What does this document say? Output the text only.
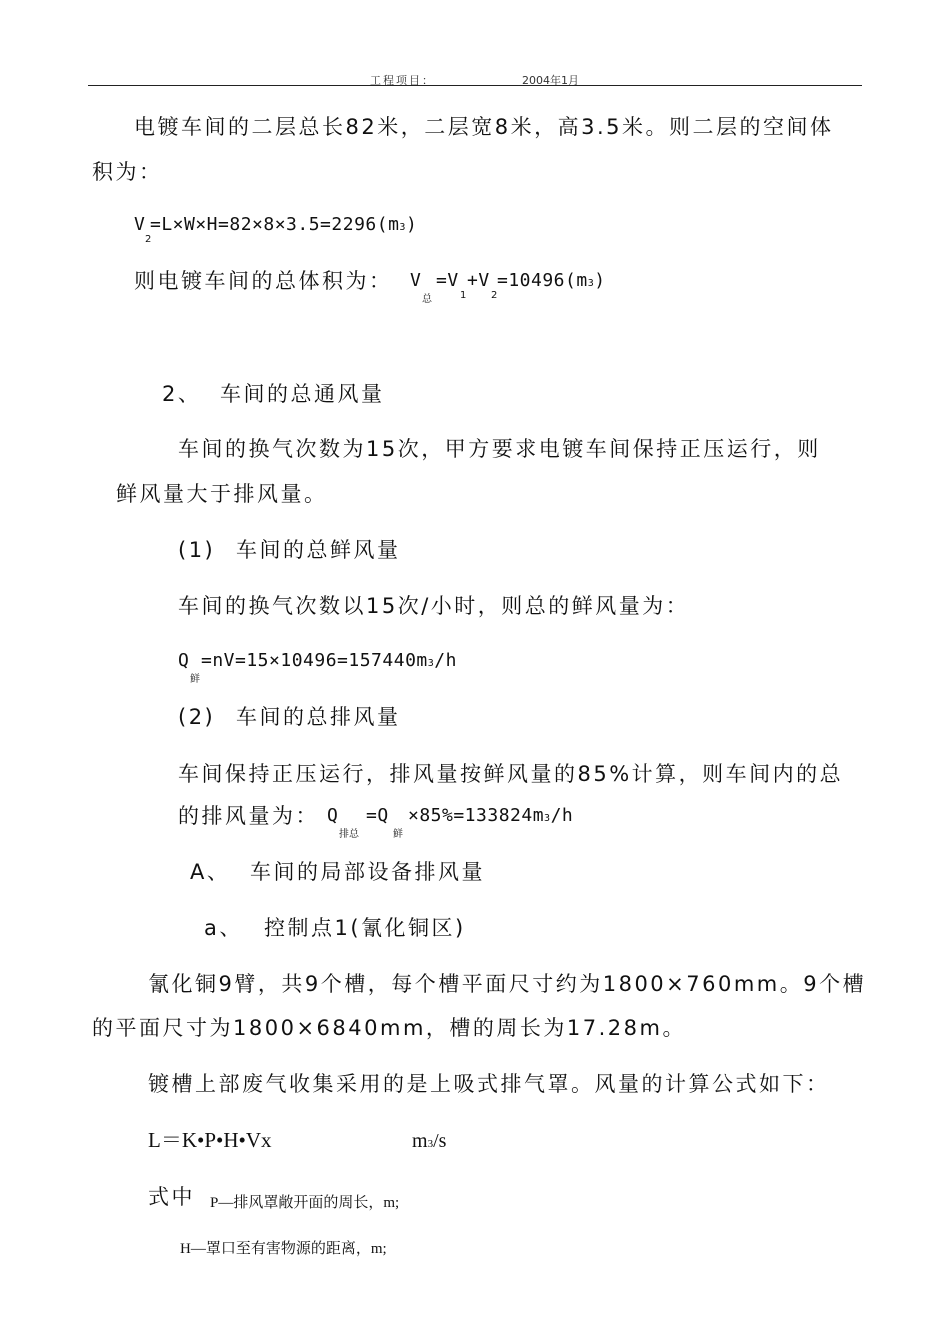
工程项目：	2004年1月
电镀车间的二层总长82米，二层宽8米，高3.5米。则二层的空间体
积为：
V
2
=L×W×H=82×8×3.5=2296(m3)
则电镀车间的总体积为： V
总
=V
1
+V
2
=10496(m3)
2、 车间的总通风量
车间的换气次数为15次，甲方要求电镀车间保持正压运行，则
鲜风量大于排风量。
(1) 车间的总鲜风量
车间的换气次数以15次/小时，则总的鲜风量为：
Q
鲜
=nV=15×10496=157440m3/h
(2) 车间的总排风量
车间保持正压运行，排风量按鲜风量的85%计算，则车间内的总
的排风量为： Q
排总
=Q
鲜
×85%=133824m3/h
A、 车间的局部设备排风量
a、 控制点1(氰化铜区)
氰化铜9臂，共9个槽，每个槽平面尺寸约为1800×760mm。9个槽
的平面尺寸为1800×6840mm，槽的周长为17.28m。
镀槽上部废气收集采用的是上吸式排气罩。风量的计算公式如下：
L＝K•P•H•Vx	m3/s
式中 P—排风罩敞开面的周长，m;
H—罩口至有害物源的距离，m;
